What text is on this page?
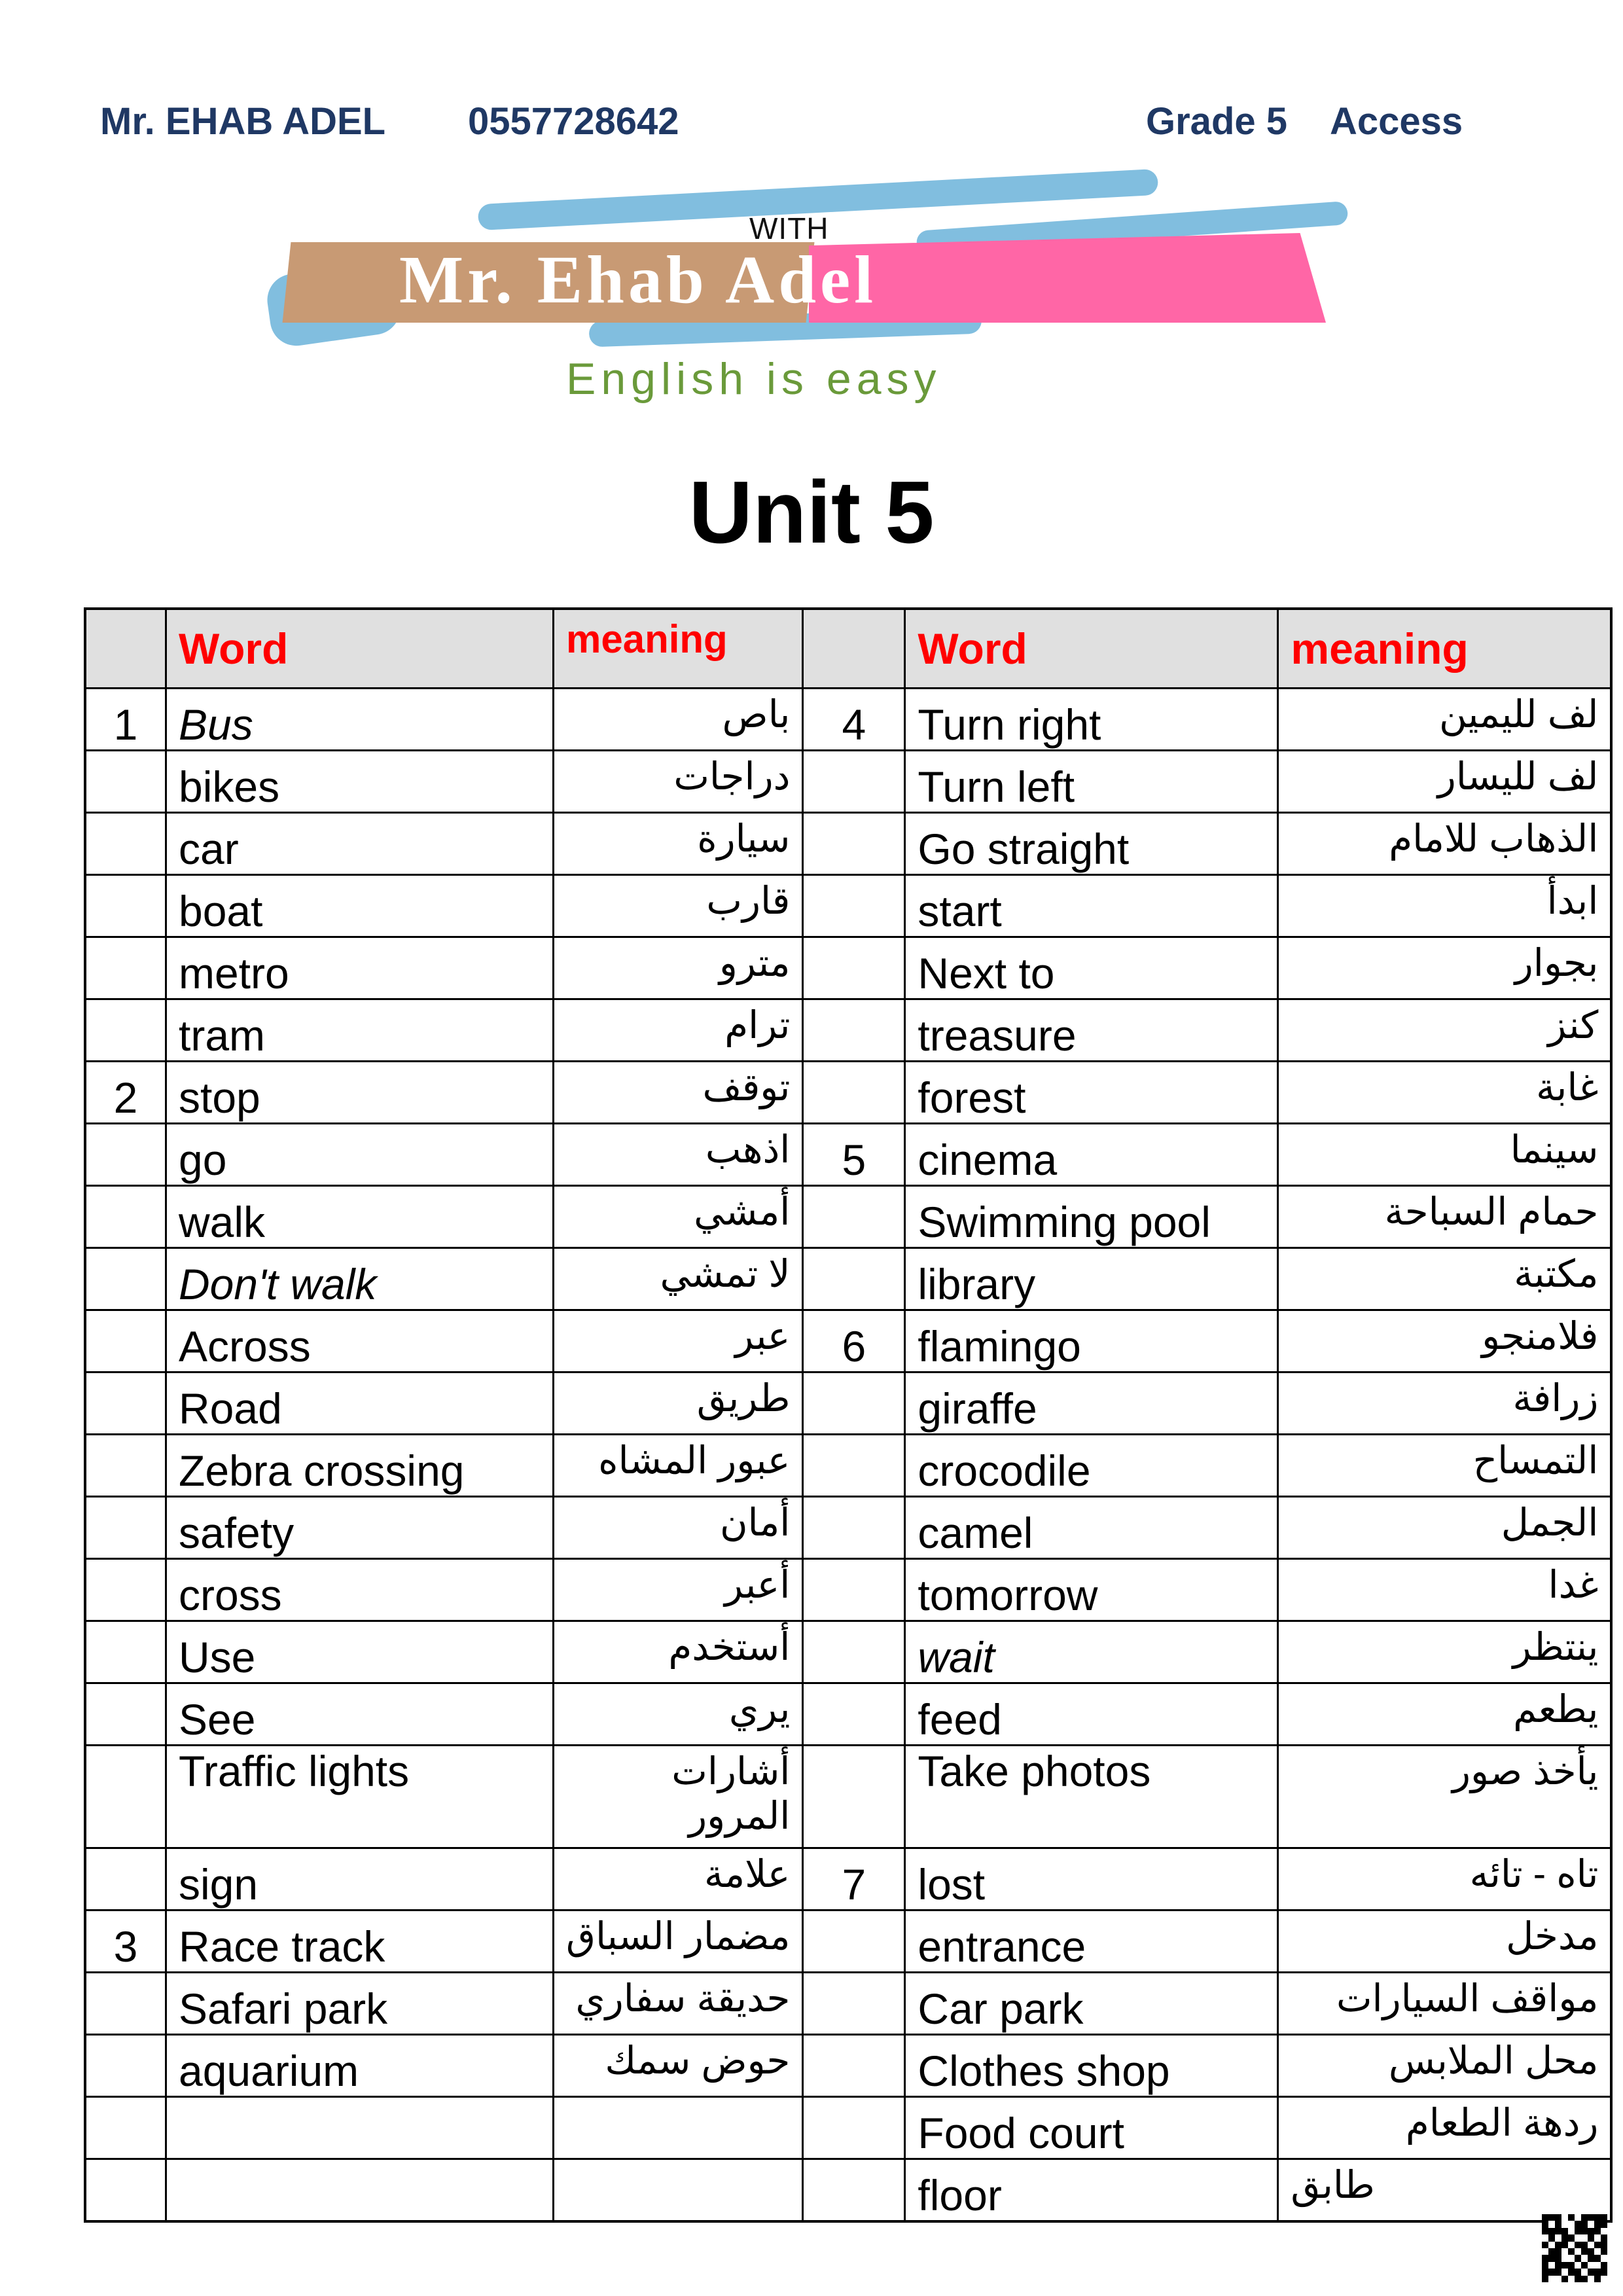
Mr. EHAB ADEL 0557728642	Grade 5 Access
WITH
Mr. Ehab Adel
English is easy
Unit 5
	Word	meaning		Word	meaning
1	Bus	باص	4	Turn right	لف لليمين
	bikes	دراجات		Turn left	لف لليسار
	car	سيارة		Go straight	الذهاب للامام
	boat	قارب		start	ابدأ
	metro	مترو		Next to	بجوار
	tram	ترام		treasure	كنز
2	stop	توقف		forest	غابة
	go	اذهب	5	cinema	سينما
	walk	أمشي		Swimming pool	حمام السباحة
	Don't walk	لا تمشي		library	مكتبة
	Across	عبر	6	flamingo	فلامنجو
	Road	طريق		giraffe	زرافة
	Zebra crossing	عبور المشاه		crocodile	التمساح
	safety	أمان		camel	الجمل
	cross	أعبر		tomorrow	غدا
	Use	أستخدم		wait	ينتظر
	See	يري		feed	يطعم
	Traffic lights	أشارات المرور		Take photos	يأخذ صور
	sign	علامة	7	lost	تاه - تائه
3	Race track	مضمار السباق		entrance	مدخل
	Safari park	حديقة سفاري		Car park	مواقف السيارات
	aquarium	حوض سمك		Clothes shop	محل الملابس
				Food court	ردهة الطعام
				floor	طابق
